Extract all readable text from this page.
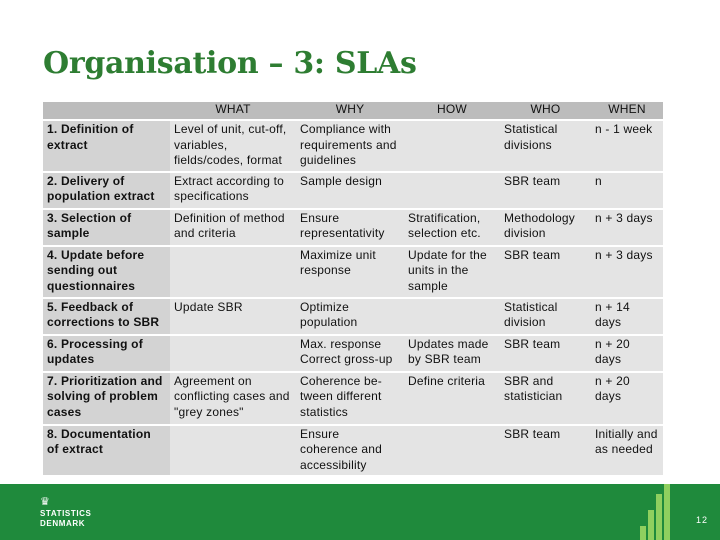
Organisation – 3: SLAs
	WHAT	WHY	HOW	WHO	WHEN
1. Definition of extract	Level of unit, cut-off, variables, fields/codes, format	Compliance with requirements and guidelines		Statistical divisions	n - 1 week
2. Delivery of population extract	Extract according to specifications	Sample design		SBR team	n
3. Selection of sample	Definition of method and criteria	Ensure representativity	Stratification, selection etc.	Methodology division	n + 3 days
4. Update before sending out questionnaires		Maximize unit response	Update for the units in the sample	SBR team	n + 3 days
5. Feedback of corrections to SBR	Update SBR	Optimize population		Statistical division	n + 14 days
6. Processing of updates		Max. response Correct gross-up	Updates made by SBR team	SBR team	n + 20 days
7. Prioritization and solving of problem cases	Agreement on conflicting cases and "grey zones"	Coherence be- tween different statistics	Define criteria	SBR and statistician	n + 20 days
8. Documentation of extract		Ensure coherence and accessibility		SBR team	Initially and as needed
♛
STATISTICS
DENMARK	12
